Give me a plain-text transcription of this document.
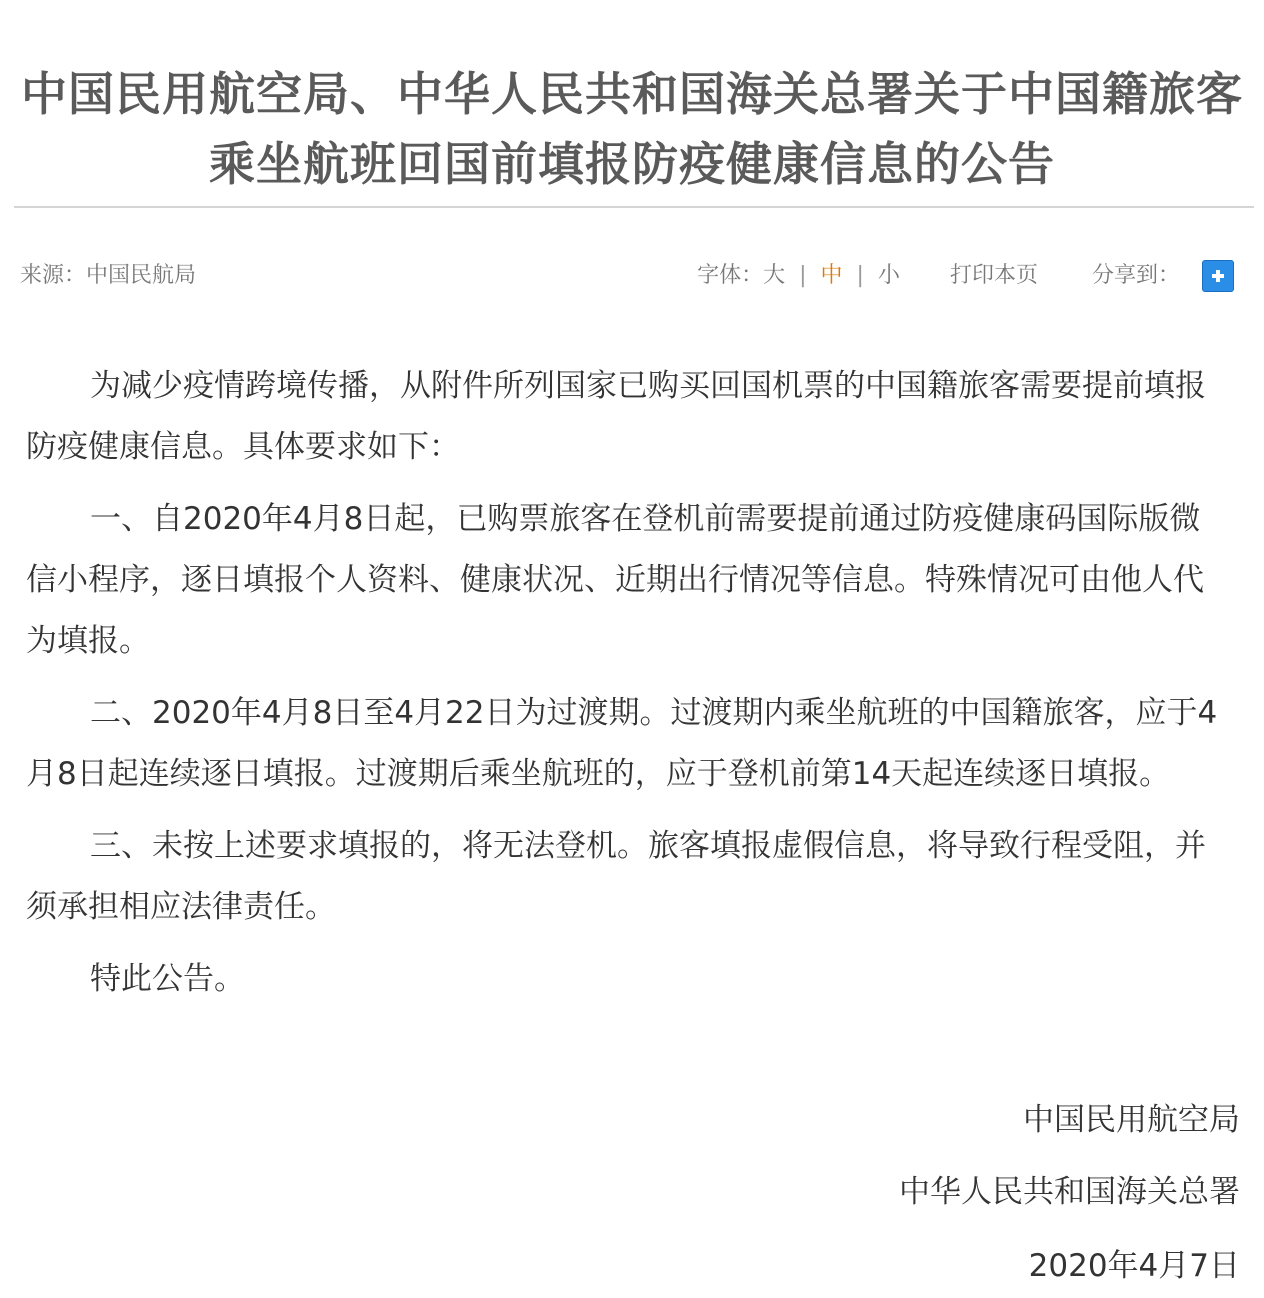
中国民用航空局、中华人民共和国海关总署关于中国籍旅客乘坐航班回国前填报防疫健康信息的公告
来源：中国民航局	字体： 大 | 中 | 小 打印本页 分享到：

为减少疫情跨境传播，从附件所列国家已购买回国机票的中国籍旅客需要提前填报防疫健康信息。具体要求如下：

一、自2020年4月8日起，已购票旅客在登机前需要提前通过防疫健康码国际版微信小程序，逐日填报个人资料、健康状况、近期出行情况等信息。特殊情况可由他人代为填报。

二、2020年4月8日至4月22日为过渡期。过渡期内乘坐航班的中国籍旅客，应于4月8日起连续逐日填报。过渡期后乘坐航班的，应于登机前第14天起连续逐日填报。

三、未按上述要求填报的，将无法登机。旅客填报虚假信息，将导致行程受阻，并须承担相应法律责任。

特此公告。

中国民用航空局
中华人民共和国海关总署
2020年4月7日
